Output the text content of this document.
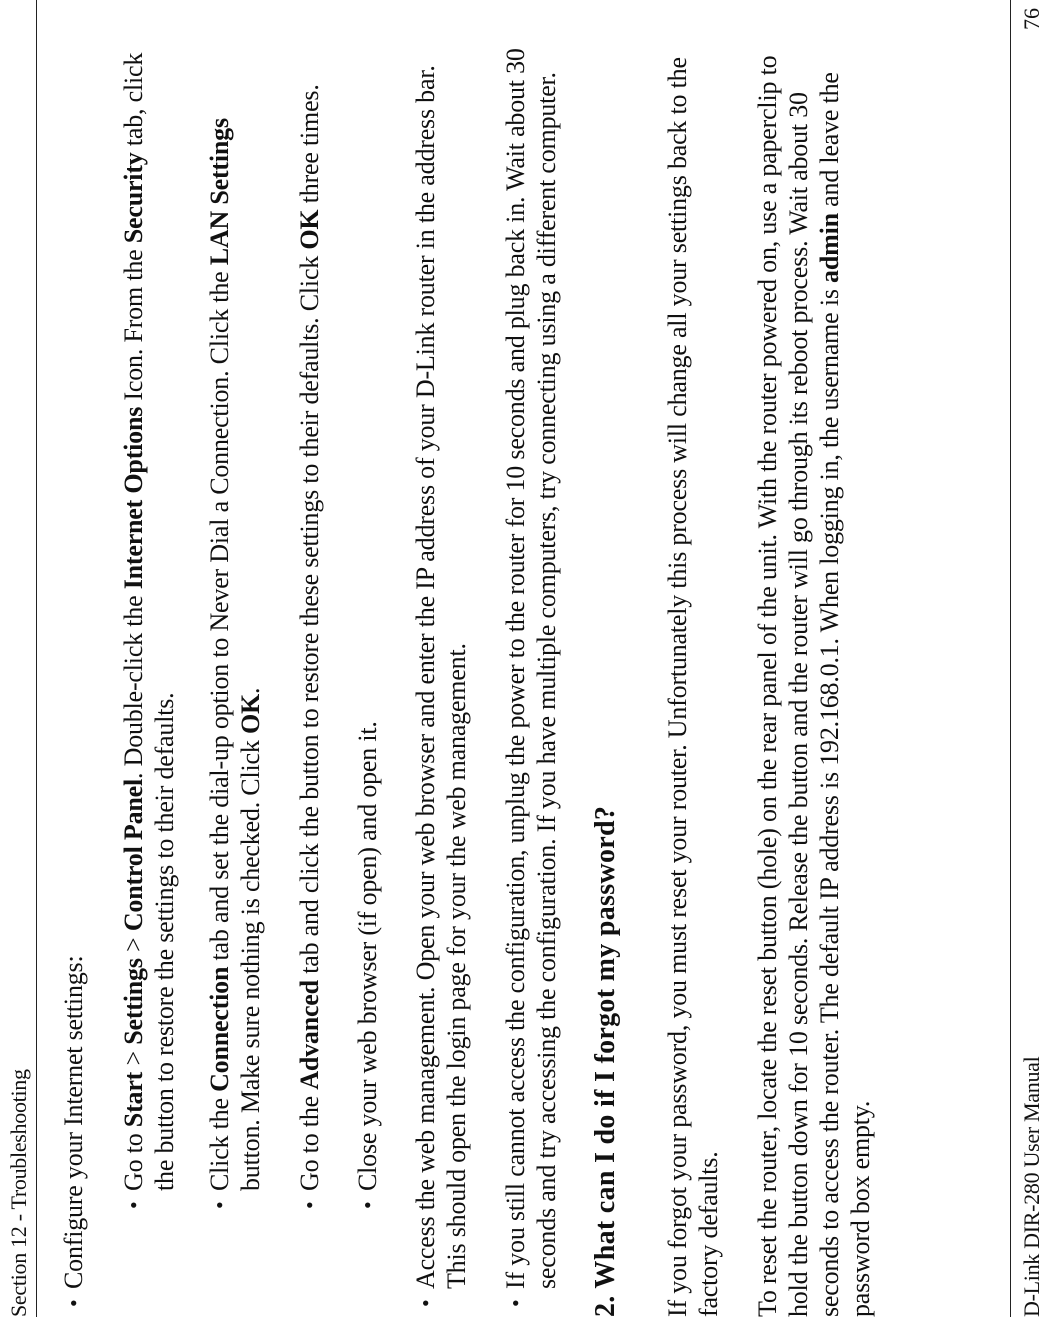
Section 12 - Troubleshooting • Configure your Internet settings: • Go to Start > Settings > Control Panel. Double-click the Internet Options Icon. From the Security tab, click the button to restore the settings to their defaults. • Click the Connection tab and set the dial-up option to Never Dial a Connection. Click the LAN Settings button. Make sure nothing is checked. Click OK.
• Go to the Advanced tab and click the button to restore these settings to their defaults. Click OK three times.
• Close your web browser (if open) and open it. • Access the web management. Open your web browser and enter the IP address of your D-Link router in the address bar. This should open the login page for your the web management. • If you still cannot access the configuration, unplug the power to the router for 10 seconds and plug back in. Wait about 30 seconds and try accessing the configuration. If you have multiple computers, try connecting using a different computer. 2. What can I do if I forgot my password? If you forgot your password, you must reset your router. Unfortunately this process will change all your settings back to the factory defaults. To reset the router, locate the reset button (hole) on the rear panel of the unit. With the router powered on, use a paperclip to hold the button down for 10 seconds. Release the button and the router will go through its reboot process. Wait about 30 seconds to access the router. The default IP address is 192.168.0.1. When logging in, the username is admin and leave the password box empty.	D-Link DIR-280 User Manual
76
